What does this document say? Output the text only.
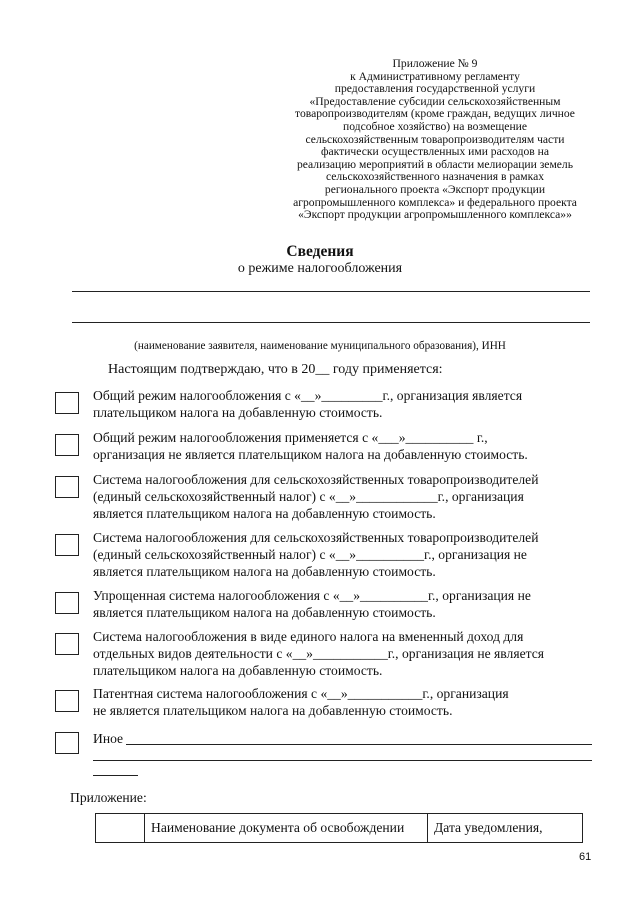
Приложение № 9
к Административному регламенту
предоставления государственной услуги
«Предоставление субсидии сельскохозяйственным
товаропроизводителям (кроме граждан, ведущих личное
подсобное хозяйство) на возмещение
сельскохозяйственным товаропроизводителям части
фактически осуществленных ими расходов на
реализацию мероприятий в области мелиорации земель
сельскохозяйственного назначения в рамках
регионального проекта «Экспорт продукции
агропромышленного комплекса» и федерального проекта
«Экспорт продукции агропромышленного комплекса»»
Сведения
о режиме налогообложения
(наименование заявителя, наименование муниципального образования), ИНН
Настоящим подтверждаю, что в 20__ году применяется:
Общий режим налогообложения с «__»_________г., организация является
плательщиком налога на добавленную стоимость.
Общий режим налогообложения применяется с «___»__________ г.,
организация не является плательщиком налога на добавленную стоимость.
Система налогообложения для сельскохозяйственных товаропроизводителей
(единый сельскохозяйственный налог) с «__»____________г., организация
является плательщиком налога на добавленную стоимость.
Система налогообложения для сельскохозяйственных товаропроизводителей
(единый сельскохозяйственный налог) с «__»__________г., организация не
является плательщиком налога на добавленную стоимость.
Упрощенная система налогообложения с «__»__________г., организация не
является плательщиком налога на добавленную стоимость.
Система налогообложения в виде единого налога на вмененный доход для
отдельных видов деятельности с «__»___________г., организация не является
плательщиком налога на добавленную стоимость.
Патентная система налогообложения с «__»___________г., организация
не является плательщиком налога на добавленную стоимость.
Иное
Приложение:
	Наименование документа об освобождении	Дата уведомления,
61
